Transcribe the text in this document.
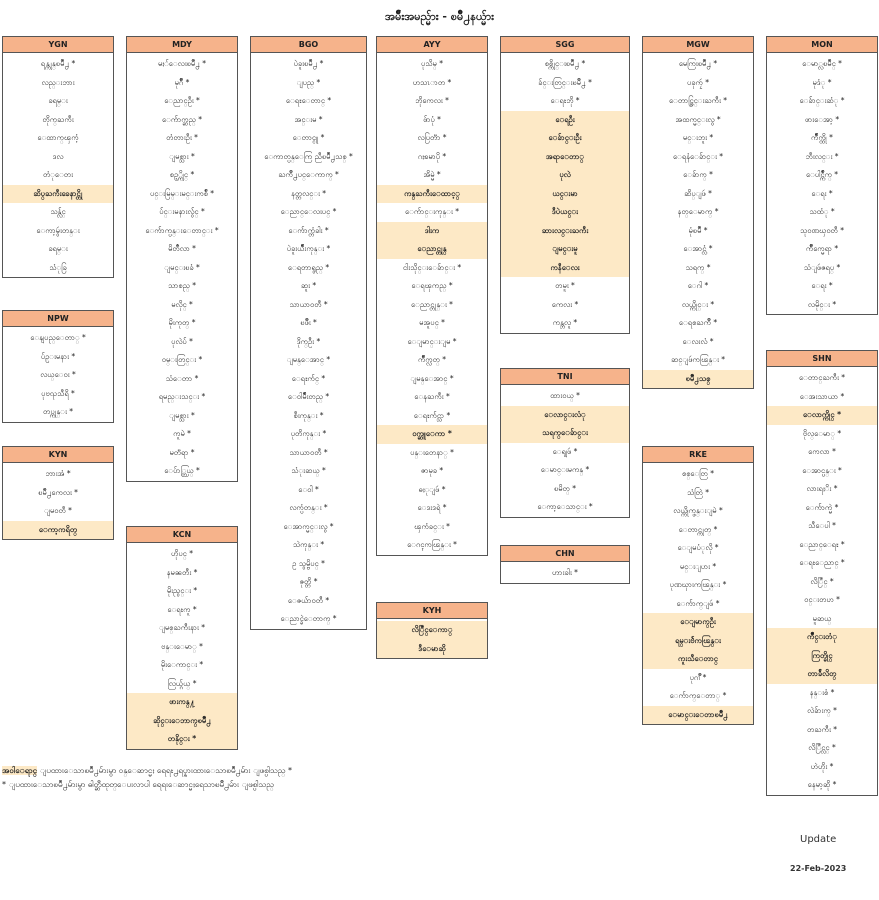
အမ်ဳိးအမည္မ်ား - ၿမိဳ႕နယ္မ်ား
YGN
ရန္ကုန္ၿမိဳ႕ *
လည္းဘား
ခရမ္း
တိုက္ႀကီး
ေထာက္ၾကံ့
ဒလ
တံုေတး
ဆိပ္ႀကီးခေနာင္တို
သန္လ်င္
ေကာ့မွဴးတန္း
ခရမ္း
သံုခြ
NPW
ေနျပည္ေတာ္ *
ပ်ဥ္းမနား *
လယ္ေဝး *
ပုဗၺသီရိ *
တပ္ကုန္း *
KYN
ဘားအံ *
ၿမိဳ႕ကေလး *
ျမဝတီ *
ေကာ့ကရိတ္
MDY
မႏၲေလးၿမိဳ႕ *
မုဂ်ိဳ *
ေညာင္ဦး *
ေက်ာက္ဆည္ *
တံတားဦး *
ျမစ္သား *
စဥ့္ကိုင္ *
ပင္းမြမ္းမင္းကစ်ဳ *
ပ်င္းမနားလွ်င္ *
ေက်ာက္ပန္းေတာင္း *
မိတၳီလာ *
ျမင္းၿခံ *
သာစည္ *
မလိုင္ *
မိုးကုတ္ *
ပုလဲပ် *
ဝမ္းတြင္း *
သံေတာ *
ရမည္းသင္း *
ျမစ္သား *
ကူမဲ *
မတၱရာ *
ေပ်ာ္ဘြယ္ *
KCN
ဟိုပင္ *
နမၼတီး *
မိုးညွင္း *
ေရႊကူ *
ျမစ္ႀကီးနား *
ဗန္းေမာ္ *
မိုးေကာင္း *
လြယ္ဂ်ယ္ *
ဖားကန္႔
ဆိုင္းေဘာက္ၿမိဳ႕
တနိုင္း *
BGO
ပဲခူးၿမိဳ႕ *
ျပည္ *
ေရႊေတာင္ *
အင္းမ *
ေတာင္ငူ *
ေကာတ္ပန္ေကြ ညီၿမိဳ႕သစ္ *
ႀကိဳ႕ပင္ေကာက္ *
နတ္တလင္း *
ေညာင္ေလးပင္ *
ေက်ာက္တံခါး *
ပဲခူးယ်ိဳးကုန္း *
ေရတာရွည္ *
ဆူး *
သာယာဝတီ *
ၿဖိဳး *
ဒိုက္ဦး *
ျမန္ေအာင္ *
ေရႊက်င္ *
ေဝါမ်ိဳးတည္ *
စီးကုန္း *
ပုတိကုန္း *
သာယာဝတီ *
သံုးဆယ္ *
ေဝါ *
လက္ပံတန္း *
ေအာက္မင္းလွ *
သဲကုန္း *
ဥ သွမ္ဗိပင္ *
ဇုတ္တိ *
ေဇယ်ာဝတီ *
ေညာင္ခဲေတာက္ *
AYY
ပုသိမ္ *
ဟသၤာတ *
ဘိုကေလး *
ဖ်ာပုံ *
လပြတၱာ *
ဂႏၶမာပို *
အိမ္မဲ *
ကန္ႀကီးေထာင့္
ေက်ာင္းကုန္း *
ဒါးက
ေညာင္တုန္
ငါးသိုင္းေခ်ာင္း *
ေရၾကည္ *
ေညာင္တုန္း *
မအူပင္ *
ေျမာင္းျမ *
က်ိဳက္လတ္ *
ျမန္ေအာင္ *
ေနႀကီး *
ေရႊက်င္သာ *
ဝက္ဆူေကာ *
ပန္းတေနာ္ *
ဇာမုခ *
ဓႏုျဖဴ *
ေဒးဒရဲ *
ၾကံခင္း *
ေဂၚကၽြန္း *
KYH
လိြဳင္ေကာ္
ဒီေမာဆို
SGG
စစ္ကိုင္းၿမိဳ႕ *
ခ်င္းတြင္းၿမိဳ႕ *
ေရႊဘို *
ေရဦး
ေခ်ာင္းဦး
အရာေတာ္
ပုလဲ
ယင္းမာ
ဒီပဲယင္း
ဆားလင္းႀကီး
ျမင္းမူ
ကနီေလး
တမူး *
ကေလး *
ကန္ဘလူ *
TNI
ထားဝယ္ *
ေလာင္းလံု
သရက္ေခ်ာင္း
ေရျဖဴ *
ေမာင္းမကန္ *
ၿမိတ္ *
ေကာ့ေသာင္း *
CHN
ဟားခါး *
MGW
မေကြးၿမိဳ႕ *
ပခုကၠဴ *
ေတာင္တြင္းႀကီး *
အထက္မင္းလွ *
မင္းဘူး *
ေရနံေခ်ာင္း *
ေခ်ာက္ *
ဆိပ္ျဖဴ *
နတ္ေမာက္ *
မုံၿမိဳ *
ေအာင္လံ *
သရက္ *
ေဂါ *
လယ္ကိုင္း *
ေရစႀကိဳ *
ေလးလံ *
ဆင္ျဖဴကၽြန္း *
ၿမိဳ႕သစ္
RKE
စစ္ေတြ *
သံတြဲ *
လယ္ကိုက္ဖန္းျမဲ *
ေတာင္ကုတ္ *
ေျမပံုလို *
မင္းျပား *
ပုဏၰားကၽြန္း *
ေက်ာက္ျဖဴ *
ေျမာက္ဦး
ရမ္းဗ်ဲကၽြန္း
ကူးသီေတာင္
ပုဂၢိဳ *
ေက်ာက္ေတာ္ *
ေမာင္းေတာၿမိဳ႕
MON
ေမာ္လၿမိဳင္ *
မုဒံု *
ေခ်ာင္းဆံု *
ဖားေအာ့ *
က်ိဳက္ထို *
ဘီးလင္း *
ေပါင္က်ိဳက္ *
ေရး *
သထံု *
သုဝဏၰဝတီ *
က်ိဳက္မေရာ *
သံျဖဴဇရပ္ *
ေရး *
လမိုင္း *
SHN
ေတာင္ႀကီး *
ေအးသာယာ *
ေလာက္ကိုင္ *
ဗိုလ္ေမာ္ *
ကေလာ *
ေအာင္ပန္း *
လားရႈိး *
ေက်ာက္မဲ *
သီေပါ *
ေညာင္ေရႊ *
ေရႊေညာင္ *
လိြဳင္ *
ဝင္းတဟ *
မူဆယ္
က်ိဳင္းတံု
ကြတ္ခိုင္
တာခ်ီလိတ္
နန္းစံ *
လဲခ်ားက္ *
တႀကီး *
လိြဳင္လင္ *
ဟဲဟိုး *
နေမာ့ဆို *
အဝါေရာင္ ျပထားေသာၿမိဳ႕မ်ားမွာ ဝန္ေဆာင္မႈ ရေရႊ႕ရပ္နားထားေသာၿမိဳ႕မ်ား ျဖစ္ပါသည္ *
* ျပထားေသာၿမိဳ႕မ်ားမွာ ဓါတ္ဆီထုတ္ေပးလာပါ ရေရးေဆာင္မႈရေသာၿမိဳ႕မ်ား ျဖစ္ပါသည္
Update
22-Feb-2023
